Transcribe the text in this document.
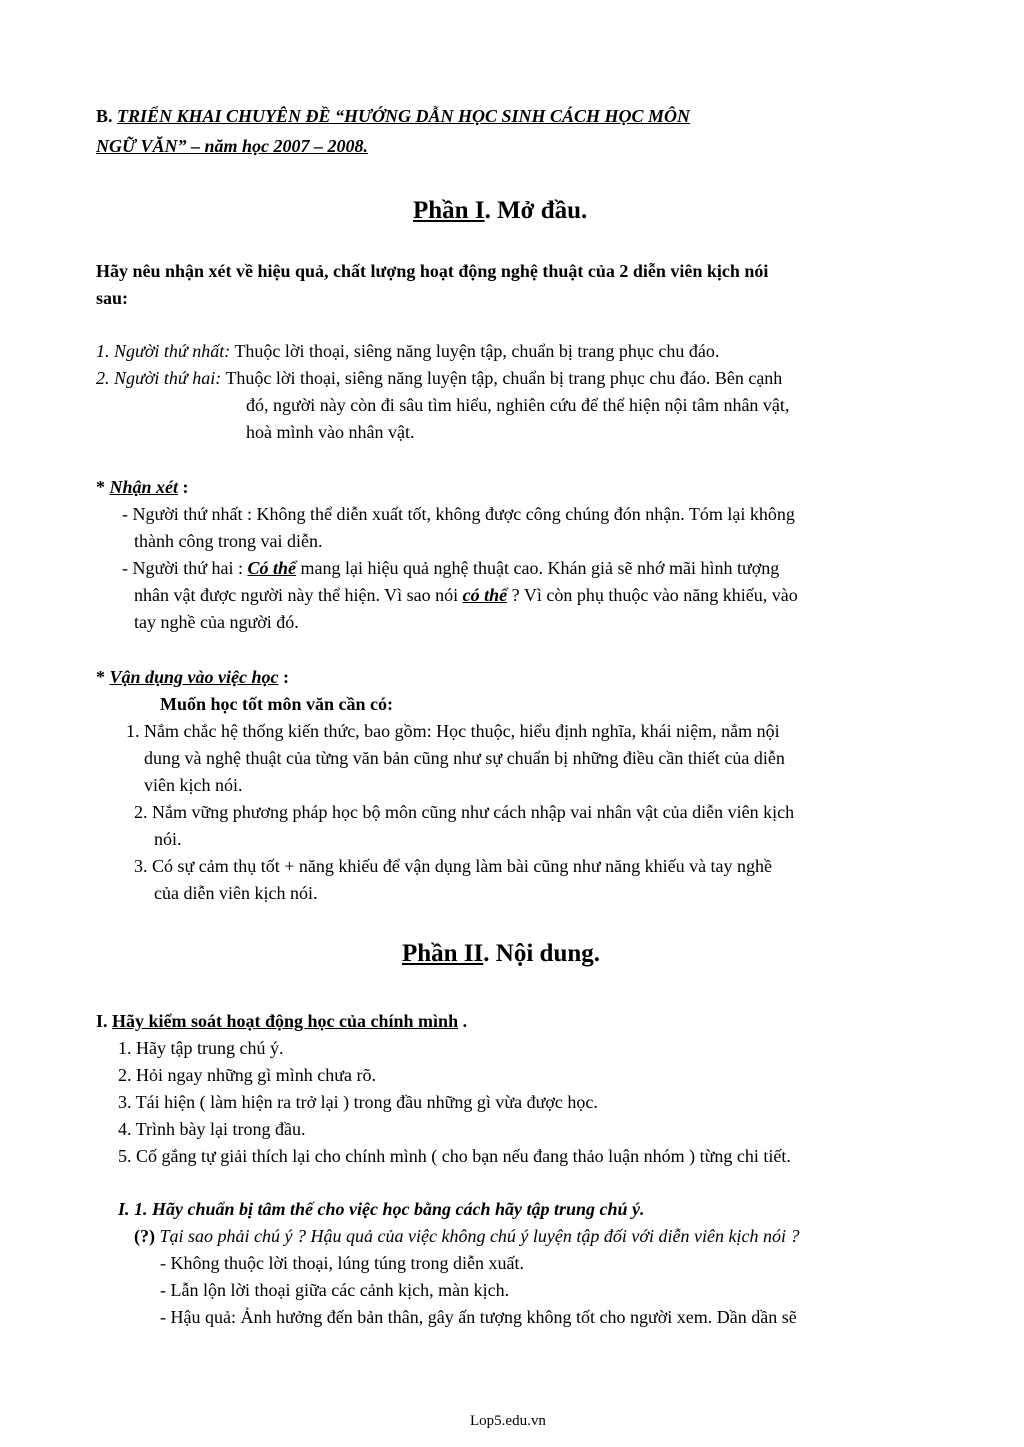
B. TRIỂN KHAI CHUYÊN ĐỀ “HƯỚNG DẪN HỌC SINH CÁCH HỌC MÔN
NGỮ VĂN” – năm học 2007 – 2008.
Phần I. Mở đầu.
Hãy nêu nhận xét về hiệu quả, chất lượng hoạt động nghệ thuật của 2 diễn viên kịch nói
sau:
1. Người thứ nhất: Thuộc lời thoại, siêng năng luyện tập, chuẩn bị trang phục chu đáo.
2. Người thứ hai: Thuộc lời thoại, siêng năng luyện tập, chuẩn bị trang phục chu đáo. Bên cạnh
đó, người này còn đi sâu tìm hiểu, nghiên cứu để thể hiện nội tâm nhân vật,
hoà mình vào nhân vật.
* Nhận xét :
- Người thứ nhất : Không thể diễn xuất tốt, không được công chúng đón nhận. Tóm lại không
thành công trong vai diễn.
- Người thứ hai : Có thể mang lại hiệu quả nghệ thuật cao. Khán giả sẽ nhớ mãi hình tượng
nhân vật được người này thể hiện. Vì sao nói có thể ? Vì còn phụ thuộc vào năng khiếu, vào
tay nghề của người đó.
* Vận dụng vào việc học :
Muốn học tốt môn văn cần có:
1. Nắm chắc hệ thống kiến thức, bao gồm: Học thuộc, hiểu định nghĩa, khái niệm, nắm nội
dung và nghệ thuật của từng văn bản cũng như sự chuẩn bị những điều cần thiết của diễn
viên kịch nói.
2. Nắm vững phương pháp học bộ môn cũng như cách nhập vai nhân vật của diễn viên kịch
nói.
3. Có sự cảm thụ tốt + năng khiếu để vận dụng làm bài cũng như năng khiếu và tay nghề
của diễn viên kịch nói.
Phần II. Nội dung.
I. Hãy kiểm soát hoạt động học của chính mình .
1. Hãy tập trung chú ý.
2. Hỏi ngay những gì mình chưa rõ.
3. Tái hiện ( làm hiện ra trở lại ) trong đầu những gì vừa được học.
4. Trình bày lại trong đầu.
5. Cố gắng tự giải thích lại cho chính mình ( cho bạn nếu đang thảo luận nhóm ) từng chi tiết.
I. 1. Hãy chuẩn bị tâm thế cho việc học bằng cách hãy tập trung chú ý.
(?) Tại sao phải chú ý ? Hậu quả của việc không chú ý luyện tập đối với diễn viên kịch nói ?
- Không thuộc lời thoại, lúng túng trong diễn xuất.
- Lẫn lộn lời thoại giữa các cảnh kịch, màn kịch.
- Hậu quả: Ảnh hưởng đến bản thân, gây ấn tượng không tốt cho người xem. Dần dần sẽ
Lop5.edu.vn
